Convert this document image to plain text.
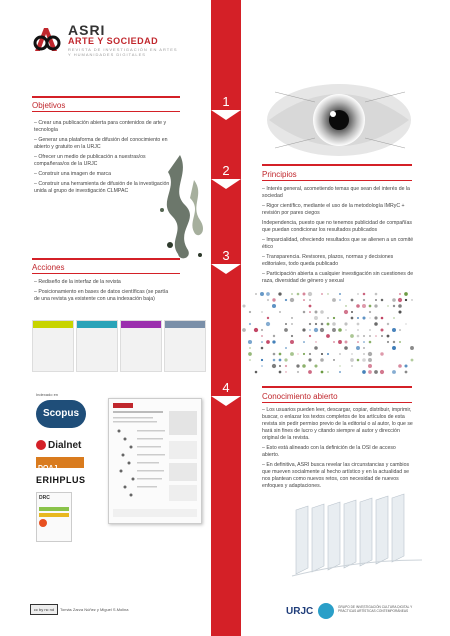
1
2
3
4
ASRI
ARTE Y SOCIEDAD
REVISTA DE INVESTIGACIÓN EN ARTES Y HUMANIDADES DIGITALES
Objetivos

– Crear una publicación abierta para contenidos de arte y tecnología

– Generar una plataforma de difusión del conocimiento en abierto y gratuito en la URJC

– Ofrecer un medio de publicación a nuestras/os compañeras/os de la URJC

– Construir una imagen de marca

– Construir una herramienta de difusión de la investigación unida al grupo de investigación CLMPAC

Acciones

– Rediseño de la interfaz de la revista

– Posicionamiento en bases de datos científicas (se partía de una revista ya existente con una indexación baja)

Indexado en
Scopus
Dialnet
DOAJ
ERIHPLUS
DRC
cc by nc nd	Tomás Zarza Núñez y Miguel S.Molina
Principios

– Interés general, acometiendo temas que sean del interés de la sociedad

– Rigor científico, mediante el uso de la metodología IMRyC + revisión por pares ciegos

Independencia, puesto que no tenemos publicidad de compañías que puedan condicionar los resultados publicados

– Imparcialidad, ofreciendo resultados que se alienen a un comité ético

– Transparencia. Revisores, plazos, normas y decisiones editoriales, todo queda publicado

– Participación abierta a cualquier investigación sin cuestiones de raza, diversidad de género y sexual

Conocimiento abierto

– Los usuarios pueden leer, descargar, copiar, distribuir, imprimir, buscar, o enlazar los textos completos de los artículos de esta revista sin pedir permiso previo de la editorial o al autor, lo que se hará sin fines de lucro y citando siempre al autor y dirección original de la revista.

– Esto está alineado con la definición de la OSI de acceso abierto.

– En definitiva, ASRI busca revelar las circunstancias y cambios que mueven socialmente al hecho artístico y en la actualidad se nos plantean como nuevos retos, con necesidad de nuevos enfoques y adaptaciones.

URJC	GRUPO DE INVESTIGACIÓN CULTURA DIGITAL Y PRÁCTICAS ARTÍSTICAS CONTEMPORÁNEAS
